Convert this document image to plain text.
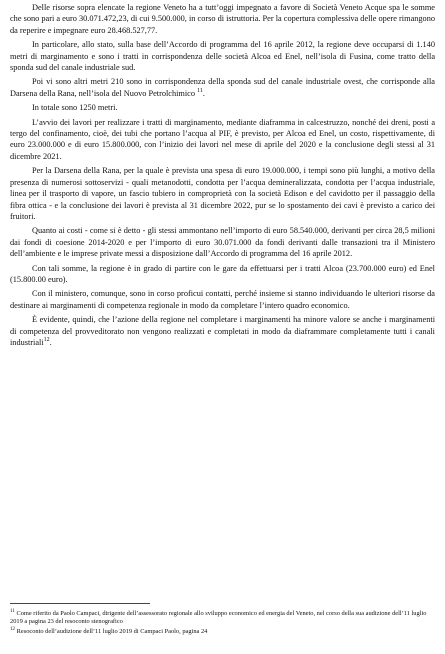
Delle risorse sopra elencate la regione Veneto ha a tutt’oggi impegnato a favore di Società Veneto Acque spa le somme che sono pari a euro 30.071.472,23, di cui 9.500.000, in corso di istruttoria. Per la copertura complessiva delle opere rimangono da reperire e impegnare euro 28.468.527,77.

In particolare, allo stato, sulla base dell’Accordo di programma del 16 aprile 2012, la regione deve occuparsi di 1.140 metri di marginamento e sono i tratti in corrispondenza delle società Alcoa ed Enel, nell’isola di Fusina, come tratto della sponda sud del canale industriale sud.

Poi vi sono altri metri 210 sono in corrispondenza della sponda sud del canale industriale ovest, che corrisponde alla Darsena della Rana, nell’isola del Nuovo Petrolchimico $^{11}$.

In totale sono 1250 metri.

L’avvio dei lavori per realizzare i tratti di marginamento, mediante diaframma in calcestruzzo, nonché dei dreni, posti a tergo del confinamento, cioè, dei tubi che portano l’acqua al PIF, è previsto, per Alcoa ed Enel, un costo, rispettivamente, di euro 23.000.000 e di euro 15.800.000, con l’inizio dei lavori nel mese di aprile del 2020 e la conclusione degli stessi al 31 dicembre 2021.

Per la Darsena della Rana, per la quale è prevista una spesa di euro 19.000.000, i tempi sono più lunghi, a motivo della presenza di numerosi sottoservizi - quali metanodotti, condotta per l’acqua demineralizzata, condotta per l’acqua industriale, linea per il trasporto di vapore, un fascio tubiero in comproprietà con la società Edison e del cavidotto per il passaggio della fibra ottica - e la conclusione dei lavori è prevista al 31 dicembre 2022, pur se lo spostamento dei cavi è previsto a carico dei fruitori.

Quanto ai costi - come si è detto - gli stessi ammontano nell’importo di euro 58.540.000, derivanti per circa 28,5 milioni dai fondi di coesione 2014-2020 e per l’importo di euro 30.071.000 da fondi derivanti dalle transazioni tra il Ministero dell’ambiente e le imprese private messi a disposizione dall’Accordo di programma del 16 aprile 2012.

Con tali somme, la regione è in grado di partire con le gare da effettuarsi per i tratti Alcoa (23.700.000 euro) ed Enel (15.800.00 euro).

Con il ministero, comunque, sono in corso proficui contatti, perché insieme si stanno individuando le ulteriori risorse da destinare ai marginamenti di competenza regionale in modo da completare l’intero quadro economico.

È evidente, quindi, che l’azione della regione nel completare i marginamenti ha minore valore se anche i marginamenti di competenza del provveditorato non vengono realizzati e completati in modo da diaframmare completamente tutti i canali industriali$^{12}$.

$^{11}$ Come riferito da Paolo Campaci, dirigente dell’assessorato regionale allo sviluppo economico ed energia del Veneto, nel corso della sua audizione dell’11 luglio 2019 a pagina 23 del resoconto stenografico

$^{12}$ Resoconto dell’audizione dell’11 luglio 2019 di Campaci Paolo, pagina 24
